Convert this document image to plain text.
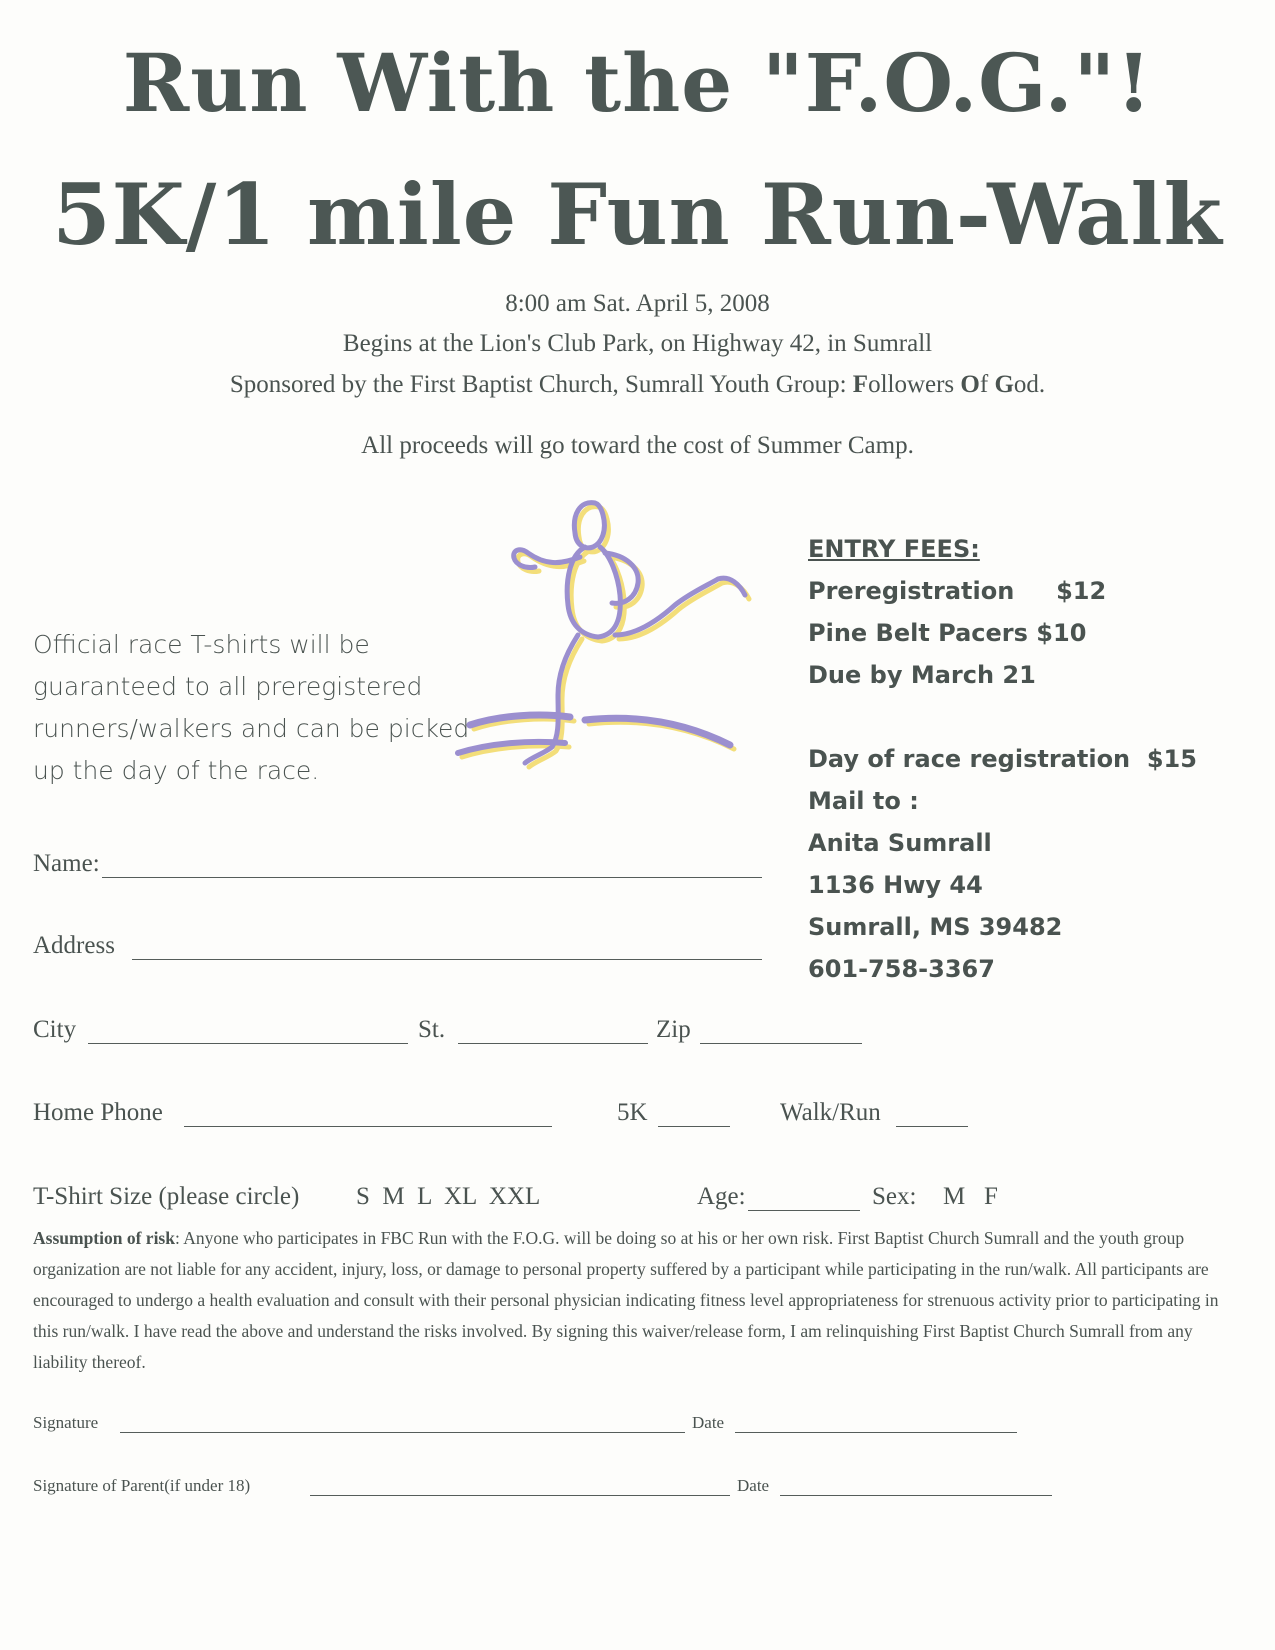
Run With the "F.O.G."!
5K/1 mile Fun Run-Walk
8:00 am Sat. April 5, 2008
Begins at the Lion's Club Park, on Highway 42, in Sumrall
Sponsored by the First Baptist Church, Sumrall Youth Group: Followers Of God.
All proceeds will go toward the cost of Summer Camp.
Official race T-shirts will be
guaranteed to all preregistered
runners/walkers and can be picked
up the day of the race.
ENTRY FEES:
Preregistration $12
Pine Belt Pacers $10
Due by March 21
Day of race registration $15
Mail to :
Anita Sumrall
1136 Hwy 44
Sumrall, MS 39482
601-758-3367
Name:
Address
City	St.	Zip
Home Phone	5K	Walk/Run
T-Shirt Size (please circle) S  M  L  XL  XXL	Age:	Sex: M   F
Assumption of risk: Anyone who participates in FBC Run with the F.O.G. will be doing so at his or her own risk. First Baptist Church Sumrall and the youth group organization are not liable for any accident, injury, loss, or damage to personal property suffered by a participant while participating in the run/walk. All participants are encouraged to undergo a health evaluation and consult with their personal physician indicating fitness level appropriateness for strenuous activity prior to participating in this run/walk. I have read the above and understand the risks involved. By signing this waiver/release form, I am relinquishing First Baptist Church Sumrall from any liability thereof.
Signature	Date
Signature of Parent(if under 18)	Date
